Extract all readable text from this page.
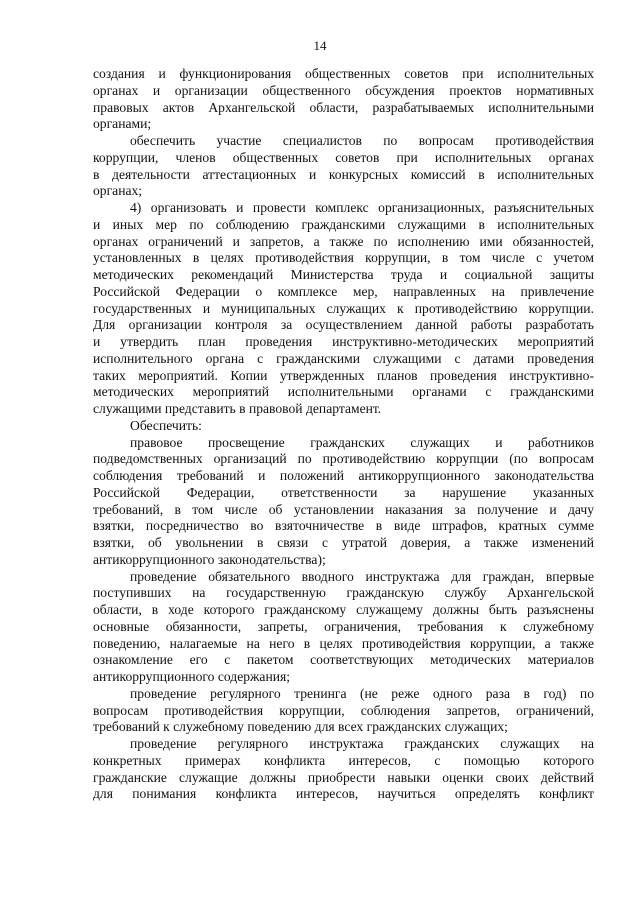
14
создания и функционирования общественных советов при исполнительных
органах и организации общественного обсуждения проектов нормативных
правовых актов Архангельской области, разрабатываемых исполнительными
органами;
обеспечить участие специалистов по вопросам противодействия
коррупции, членов общественных советов при исполнительных органах
в деятельности аттестационных и конкурсных комиссий в исполнительных
органах;
4) организовать и провести комплекс организационных, разъяснительных
и иных мер по соблюдению гражданскими служащими в исполнительных
органах ограничений и запретов, а также по исполнению ими обязанностей,
установленных в целях противодействия коррупции, в том числе с учетом
методических рекомендаций Министерства труда и социальной защиты
Российской Федерации о комплексе мер, направленных на привлечение
государственных и муниципальных служащих к противодействию коррупции.
Для организации контроля за осуществлением данной работы разработать
и утвердить план проведения инструктивно-методических мероприятий
исполнительного органа с гражданскими служащими с датами проведения
таких мероприятий. Копии утвержденных планов проведения инструктивно-
методических мероприятий исполнительными органами с гражданскими
служащими представить в правовой департамент.
Обеспечить:
правовое просвещение гражданских служащих и работников
подведомственных организаций по противодействию коррупции (по вопросам
соблюдения требований и положений антикоррупционного законодательства
Российской Федерации, ответственности за нарушение указанных
требований, в том числе об установлении наказания за получение и дачу
взятки, посредничество во взяточничестве в виде штрафов, кратных сумме
взятки, об увольнении в связи с утратой доверия, а также изменений
антикоррупционного законодательства);
проведение обязательного вводного инструктажа для граждан, впервые
поступивших на государственную гражданскую службу Архангельской
области, в ходе которого гражданскому служащему должны быть разъяснены
основные обязанности, запреты, ограничения, требования к служебному
поведению, налагаемые на него в целях противодействия коррупции, а также
ознакомление его с пакетом соответствующих методических материалов
антикоррупционного содержания;
проведение регулярного тренинга (не реже одного раза в год) по
вопросам противодействия коррупции, соблюдения запретов, ограничений,
требований к служебному поведению для всех гражданских служащих;
проведение регулярного инструктажа гражданских служащих на
конкретных примерах конфликта интересов, с помощью которого
гражданские служащие должны приобрести навыки оценки своих действий
для понимания конфликта интересов, научиться определять конфликт
